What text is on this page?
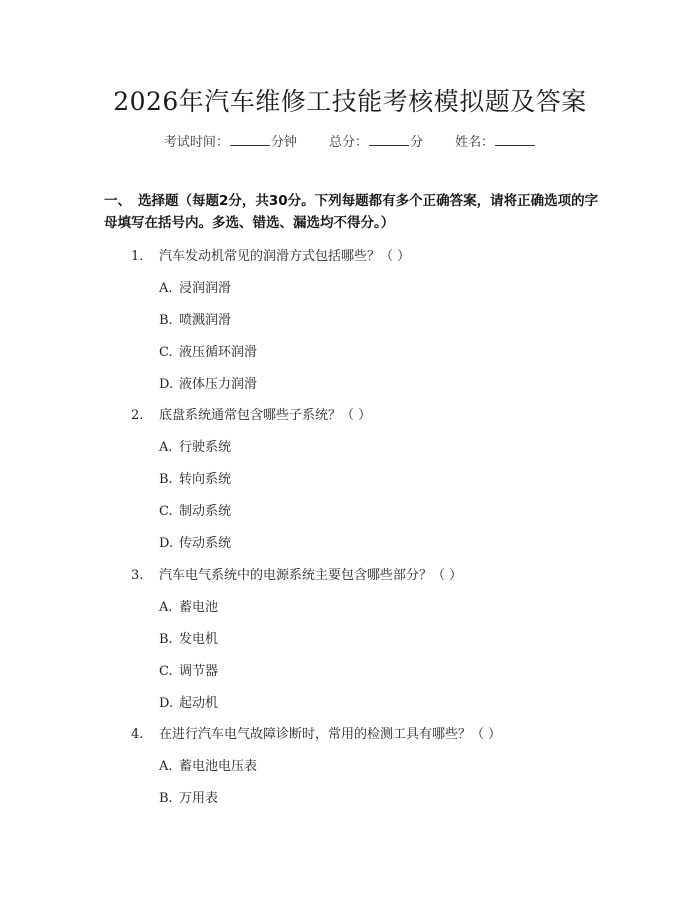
2026年汽车维修工技能考核模拟题及答案
考试时间：	分钟 总分：	分 姓名：
一、 选择题（每题2分，共30分。下列每题都有多个正确答案，请将正确选项的字母填写在括号内。多选、错选、漏选均不得分。）
1. 汽车发动机常见的润滑方式包括哪些？（ ）
A. 浸润润滑
B. 喷溅润滑
C. 液压循环润滑
D. 液体压力润滑
2. 底盘系统通常包含哪些子系统？（ ）
A. 行驶系统
B. 转向系统
C. 制动系统
D. 传动系统
3. 汽车电气系统中的电源系统主要包含哪些部分？（ ）
A. 蓄电池
B. 发电机
C. 调节器
D. 起动机
4. 在进行汽车电气故障诊断时，常用的检测工具有哪些？（ ）
A. 蓄电池电压表
B. 万用表
